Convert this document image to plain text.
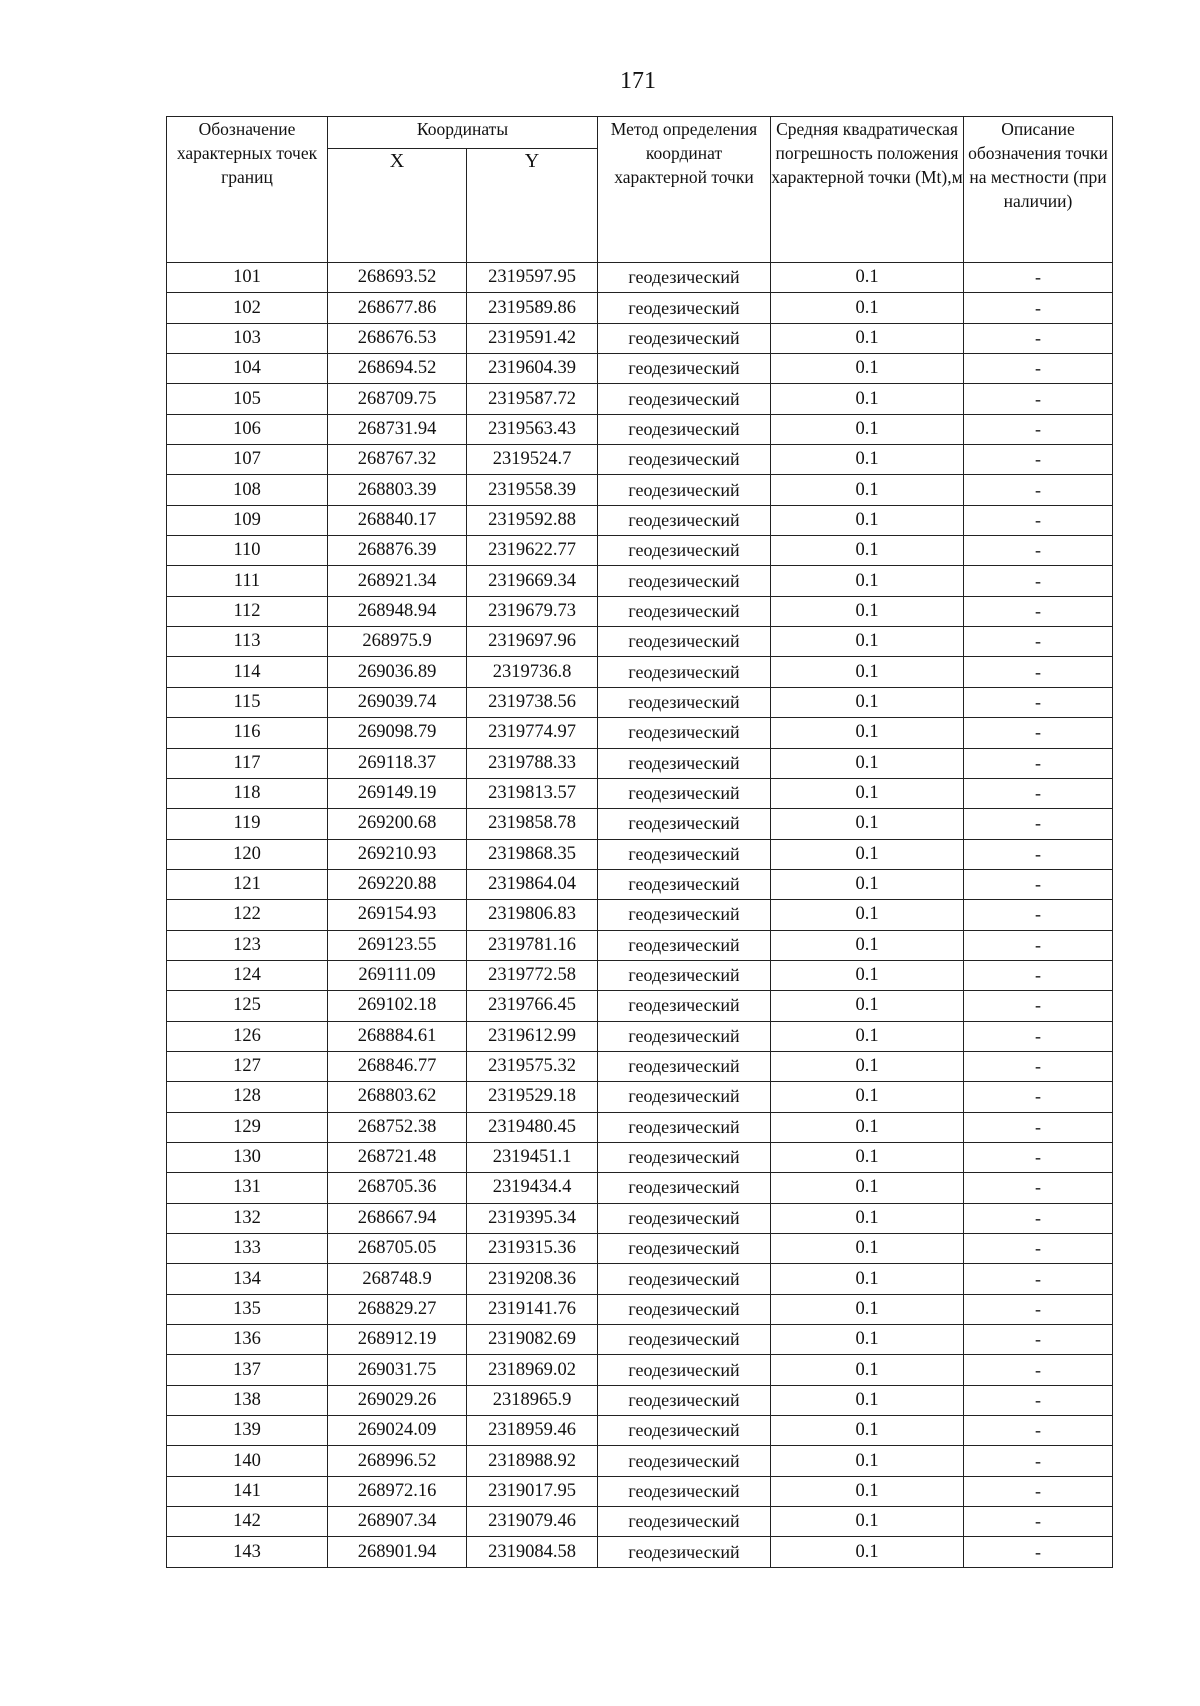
171
Обозначение характерных точек границ	Координаты		Метод определения координат характерной точки	Средняя квадратическая погрешность положения характерной точки (Mt),м	Описание обозначения точки на местности (при наличии)
	X	Y			
101	268693.52	2319597.95	геодезический	0.1	-
102	268677.86	2319589.86	геодезический	0.1	-
103	268676.53	2319591.42	геодезический	0.1	-
104	268694.52	2319604.39	геодезический	0.1	-
105	268709.75	2319587.72	геодезический	0.1	-
106	268731.94	2319563.43	геодезический	0.1	-
107	268767.32	2319524.7	геодезический	0.1	-
108	268803.39	2319558.39	геодезический	0.1	-
109	268840.17	2319592.88	геодезический	0.1	-
110	268876.39	2319622.77	геодезический	0.1	-
111	268921.34	2319669.34	геодезический	0.1	-
112	268948.94	2319679.73	геодезический	0.1	-
113	268975.9	2319697.96	геодезический	0.1	-
114	269036.89	2319736.8	геодезический	0.1	-
115	269039.74	2319738.56	геодезический	0.1	-
116	269098.79	2319774.97	геодезический	0.1	-
117	269118.37	2319788.33	геодезический	0.1	-
118	269149.19	2319813.57	геодезический	0.1	-
119	269200.68	2319858.78	геодезический	0.1	-
120	269210.93	2319868.35	геодезический	0.1	-
121	269220.88	2319864.04	геодезический	0.1	-
122	269154.93	2319806.83	геодезический	0.1	-
123	269123.55	2319781.16	геодезический	0.1	-
124	269111.09	2319772.58	геодезический	0.1	-
125	269102.18	2319766.45	геодезический	0.1	-
126	268884.61	2319612.99	геодезический	0.1	-
127	268846.77	2319575.32	геодезический	0.1	-
128	268803.62	2319529.18	геодезический	0.1	-
129	268752.38	2319480.45	геодезический	0.1	-
130	268721.48	2319451.1	геодезический	0.1	-
131	268705.36	2319434.4	геодезический	0.1	-
132	268667.94	2319395.34	геодезический	0.1	-
133	268705.05	2319315.36	геодезический	0.1	-
134	268748.9	2319208.36	геодезический	0.1	-
135	268829.27	2319141.76	геодезический	0.1	-
136	268912.19	2319082.69	геодезический	0.1	-
137	269031.75	2318969.02	геодезический	0.1	-
138	269029.26	2318965.9	геодезический	0.1	-
139	269024.09	2318959.46	геодезический	0.1	-
140	268996.52	2318988.92	геодезический	0.1	-
141	268972.16	2319017.95	геодезический	0.1	-
142	268907.34	2319079.46	геодезический	0.1	-
143	268901.94	2319084.58	геодезический	0.1	-
